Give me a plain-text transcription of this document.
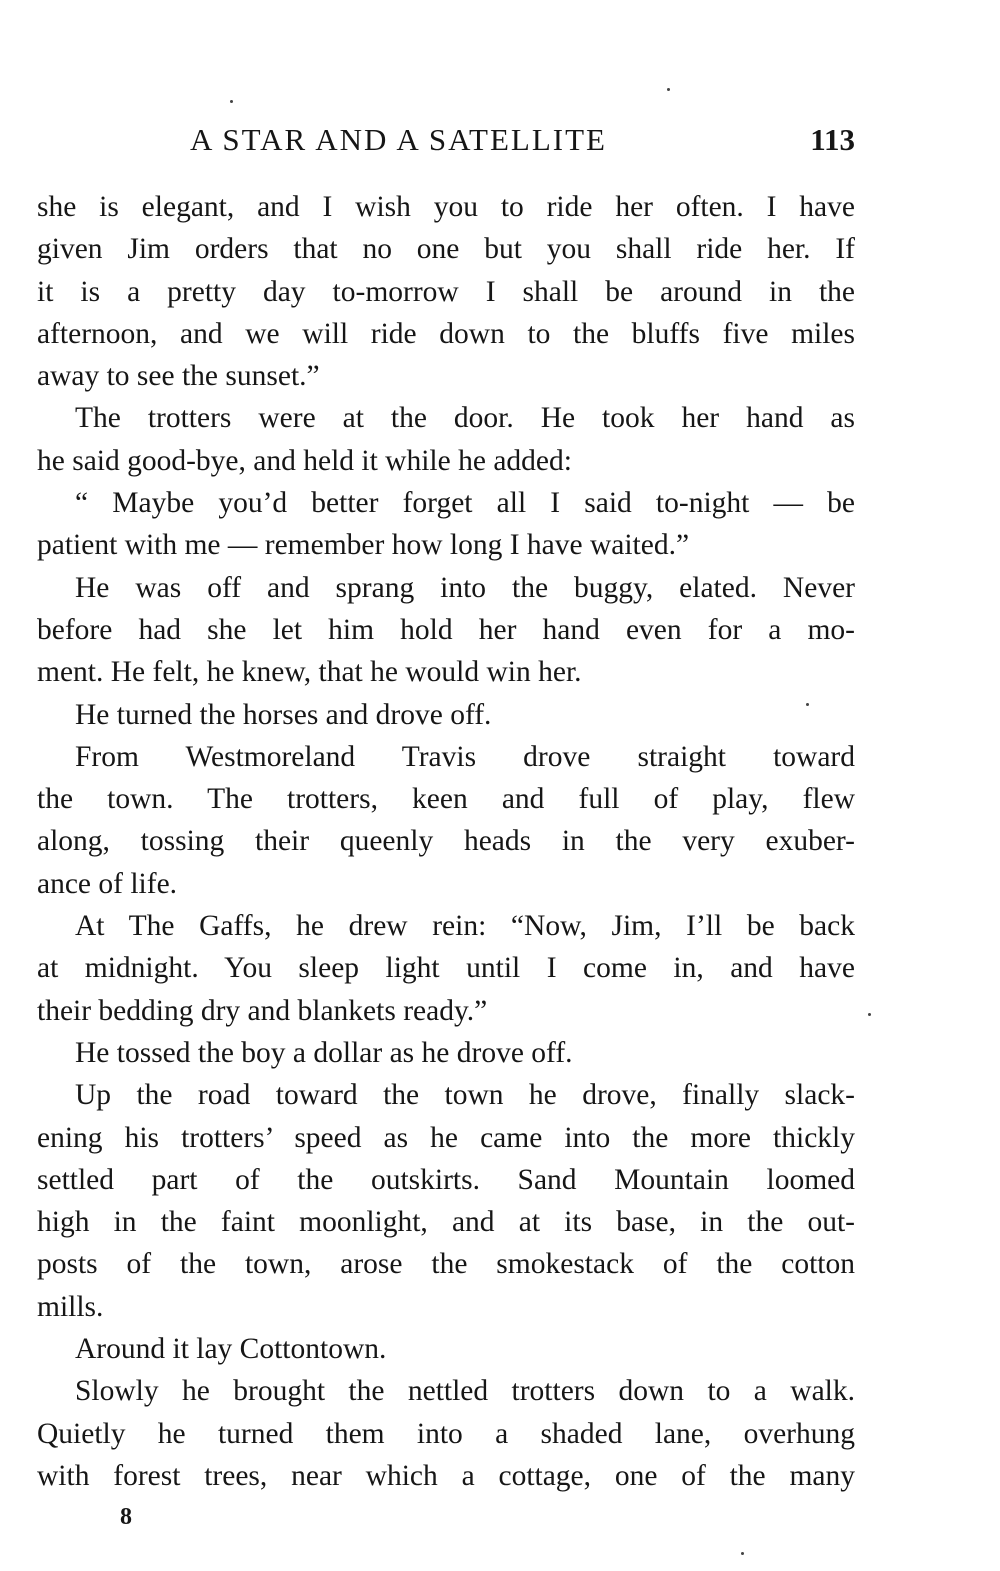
A STAR AND A SATELLITE	113
she is elegant, and I wish you to ride her often. I have
given Jim orders that no one but you shall ride her. If
it is a pretty day to-morrow I shall be around in the
afternoon, and we will ride down to the bluffs five miles
away to see the sunset.”
The trotters were at the door. He took her hand as
he said good-bye, and held it while he added:
“ Maybe you’d better forget all I said to-night — be
patient with me — remember how long I have waited.”
He was off and sprang into the buggy, elated. Never
before had she let him hold her hand even for a mo-
ment. He felt, he knew, that he would win her.
He turned the horses and drove off.
From Westmoreland Travis drove straight toward
the town. The trotters, keen and full of play, flew
along, tossing their queenly heads in the very exuber-
ance of life.
At The Gaffs, he drew rein: “Now, Jim, I’ll be back
at midnight. You sleep light until I come in, and have
their bedding dry and blankets ready.”
He tossed the boy a dollar as he drove off.
Up the road toward the town he drove, finally slack-
ening his trotters’ speed as he came into the more thickly
settled part of the outskirts. Sand Mountain loomed
high in the faint moonlight, and at its base, in the out-
posts of the town, arose the smokestack of the cotton
mills.
Around it lay Cottontown.
Slowly he brought the nettled trotters down to a walk.
Quietly he turned them into a shaded lane, overhung
with forest trees, near which a cottage, one of the many
8
